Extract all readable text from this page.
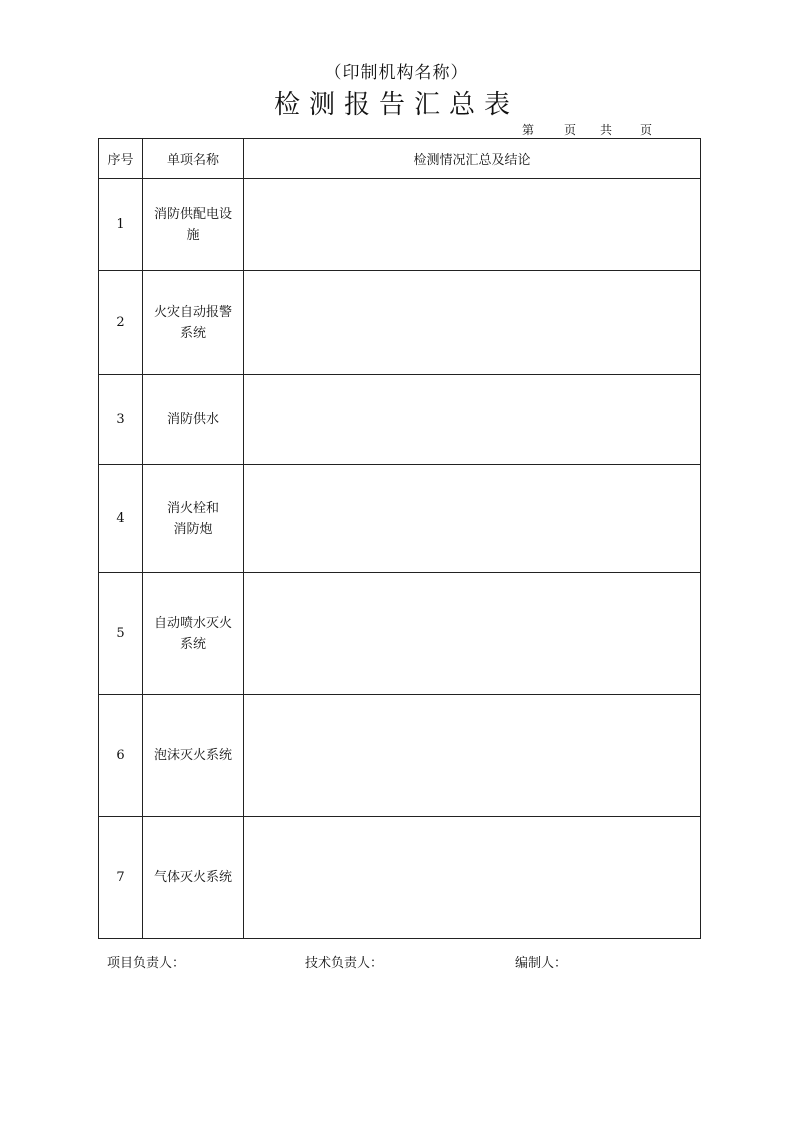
（印制机构名称）
检测报告汇总表
第	页	共	页
序号	单项名称	检测情况汇总及结论
1	消防供配电设施	
2	火灾自动报警系统	
3	消防供水	
4	消火栓和消防炮	
5	自动喷水灭火系统	
6	泡沫灭火系统	
7	气体灭火系统	
项目负责人：	技术负责人：	编制人：
